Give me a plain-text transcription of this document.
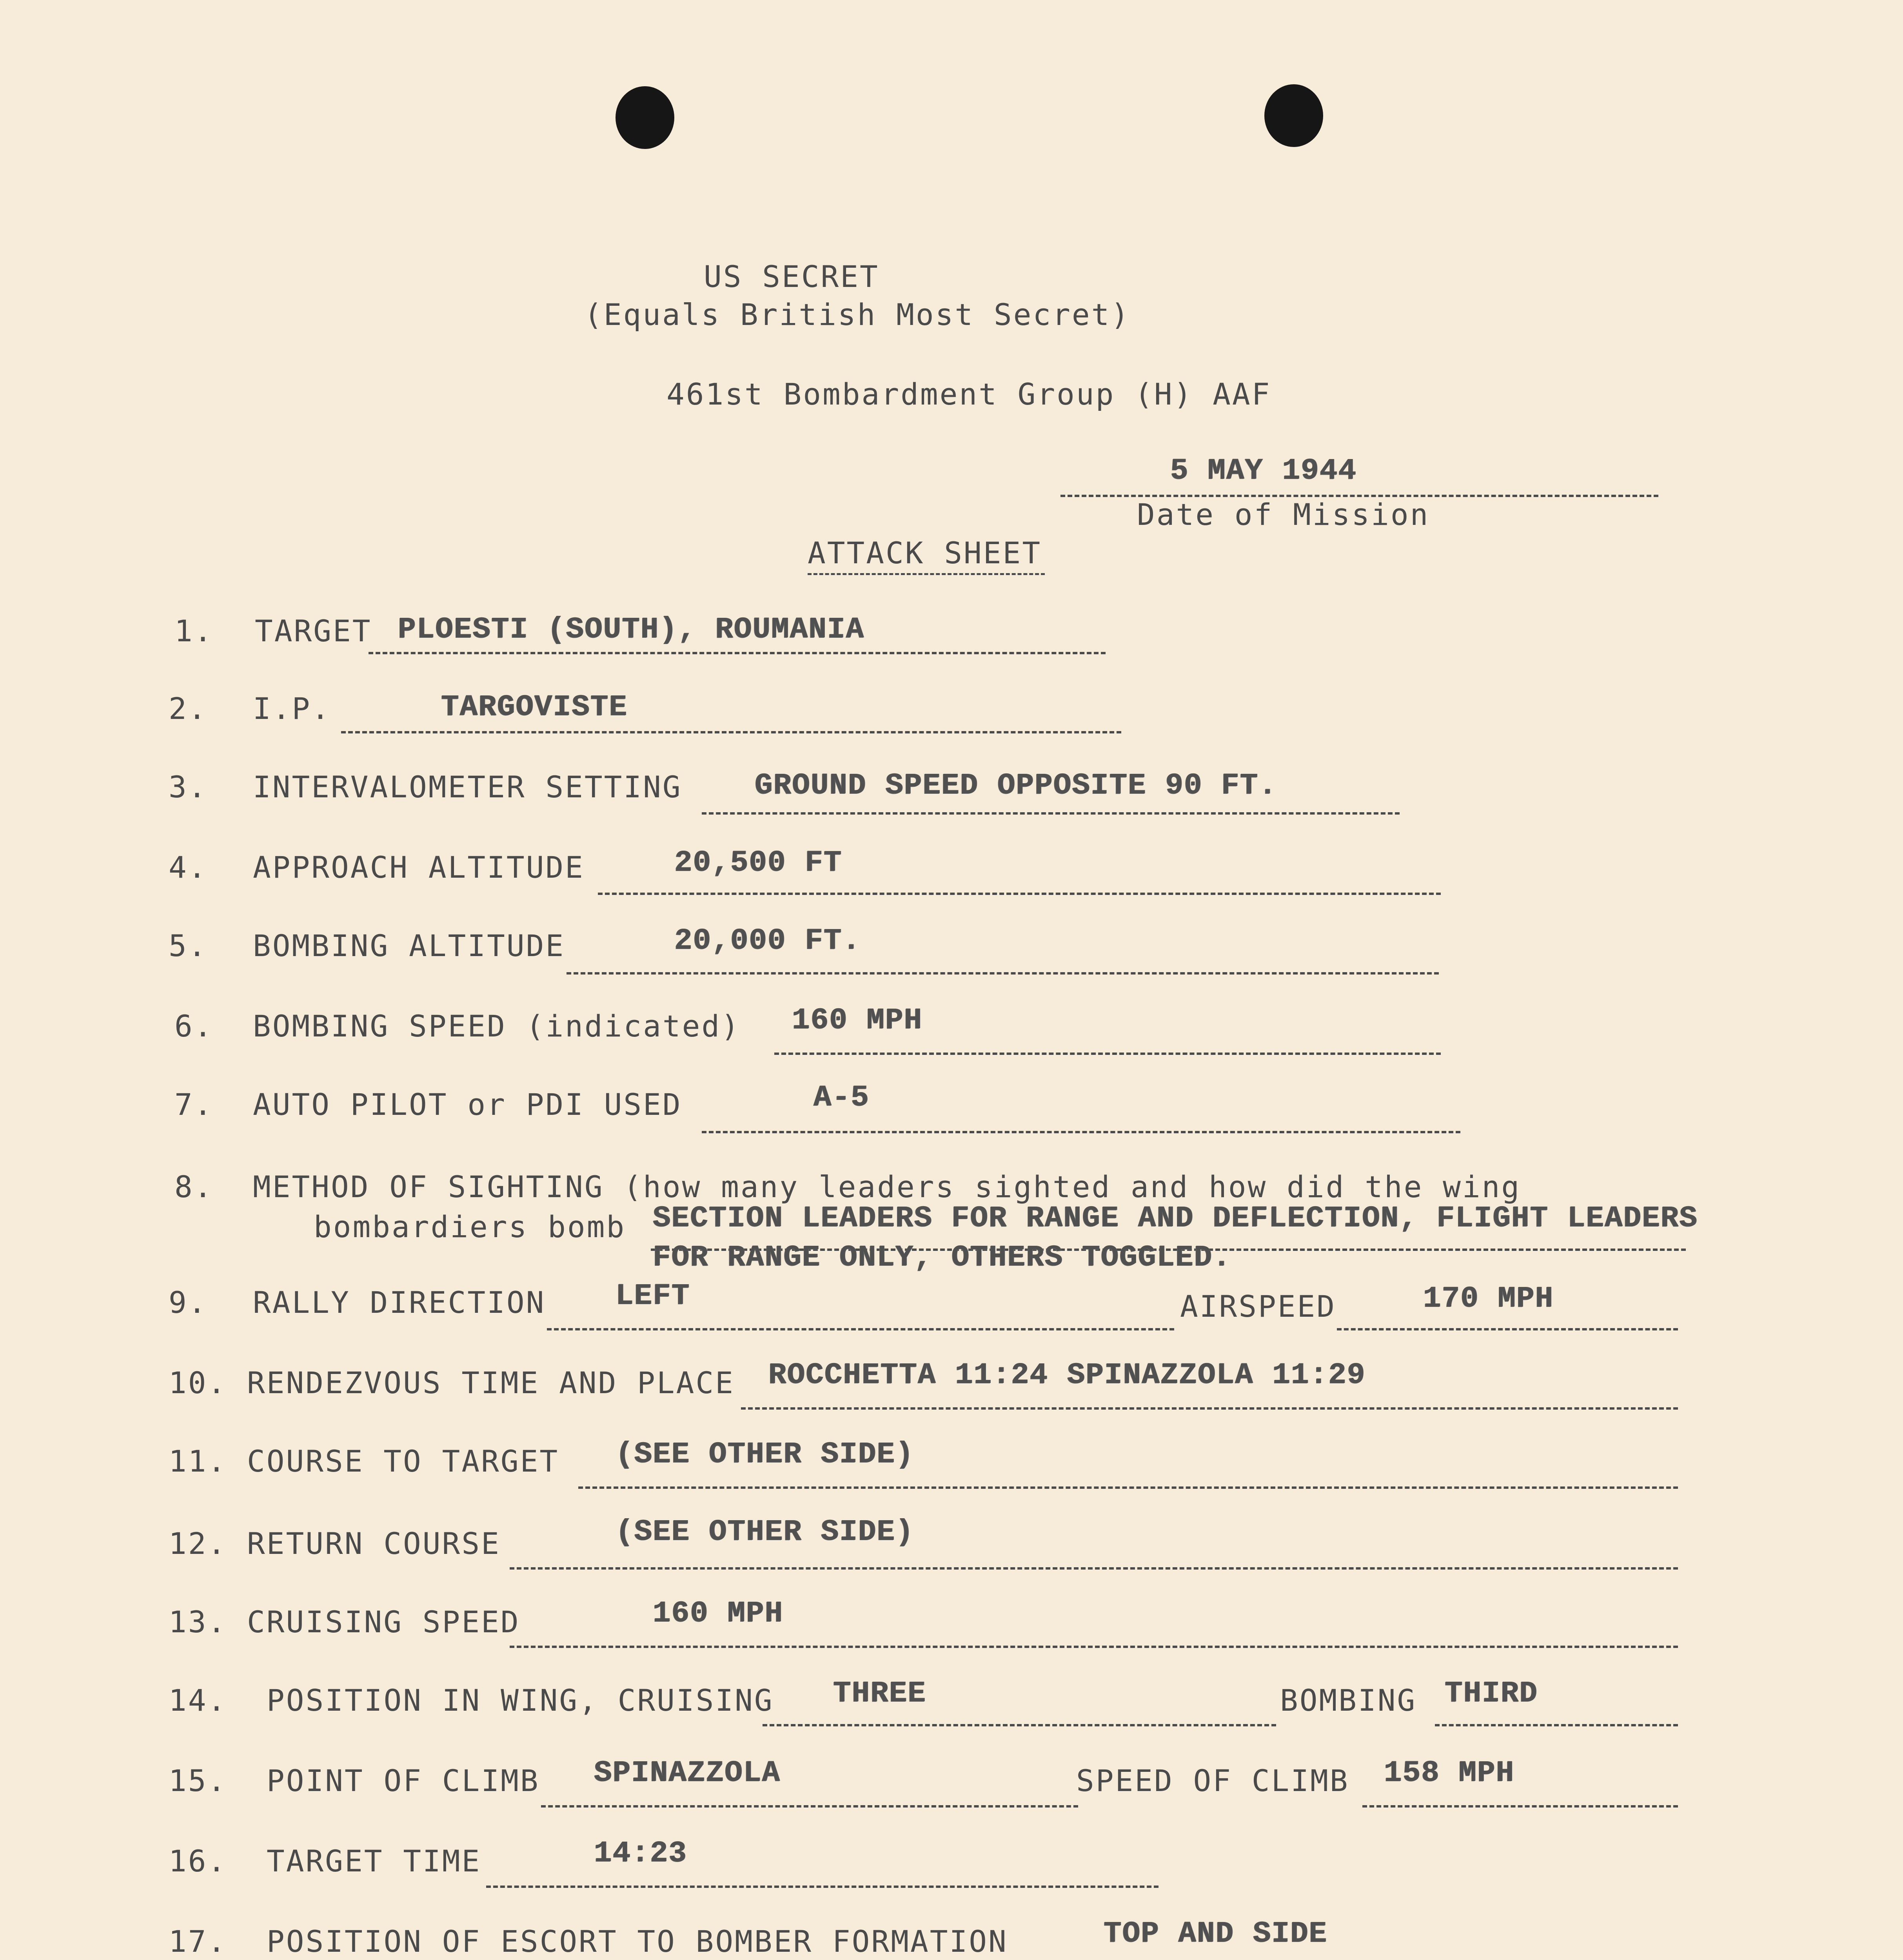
US SECRET
(Equals British Most Secret)
461st Bombardment Group (H) AAF
5 MAY 1944
Date of Mission
ATTACK SHEET
1. TARGET PLOESTI (SOUTH), ROUMANIA
2. I.P.	TARGOVISTE
3. INTERVALOMETER SETTING GROUND SPEED OPPOSITE 90 FT.
4. APPROACH ALTITUDE	20,500 FT
5. BOMBING ALTITUDE	20,000 FT.
6. BOMBING SPEED (indicated) 160 MPH
7. AUTO PILOT or PDI USED	A-5
8. METHOD OF SIGHTING (how many leaders sighted and how did the wing
bombardiers bomb SECTION LEADERS FOR RANGE AND DEFLECTION, FLIGHT LEADERS
FOR RANGE ONLY, OTHERS TOGGLED.
9. RALLY DIRECTION LEFT	AIRSPEED	170 MPH
10. RENDEZVOUS TIME AND PLACE ROCCHETTA 11:24 SPINAZZOLA 11:29
11. COURSE TO TARGET (SEE OTHER SIDE)
12. RETURN COURSE	(SEE OTHER SIDE)
13. CRUISING SPEED	160 MPH
14. POSITION IN WING, CRUISING THREE	BOMBING THIRD
15. POINT OF CLIMB SPINAZZOLA	SPEED OF CLIMB 158 MPH
16. TARGET TIME	14:23
17. POSITION OF ESCORT TO BOMBER FORMATION	TOP AND SIDE
